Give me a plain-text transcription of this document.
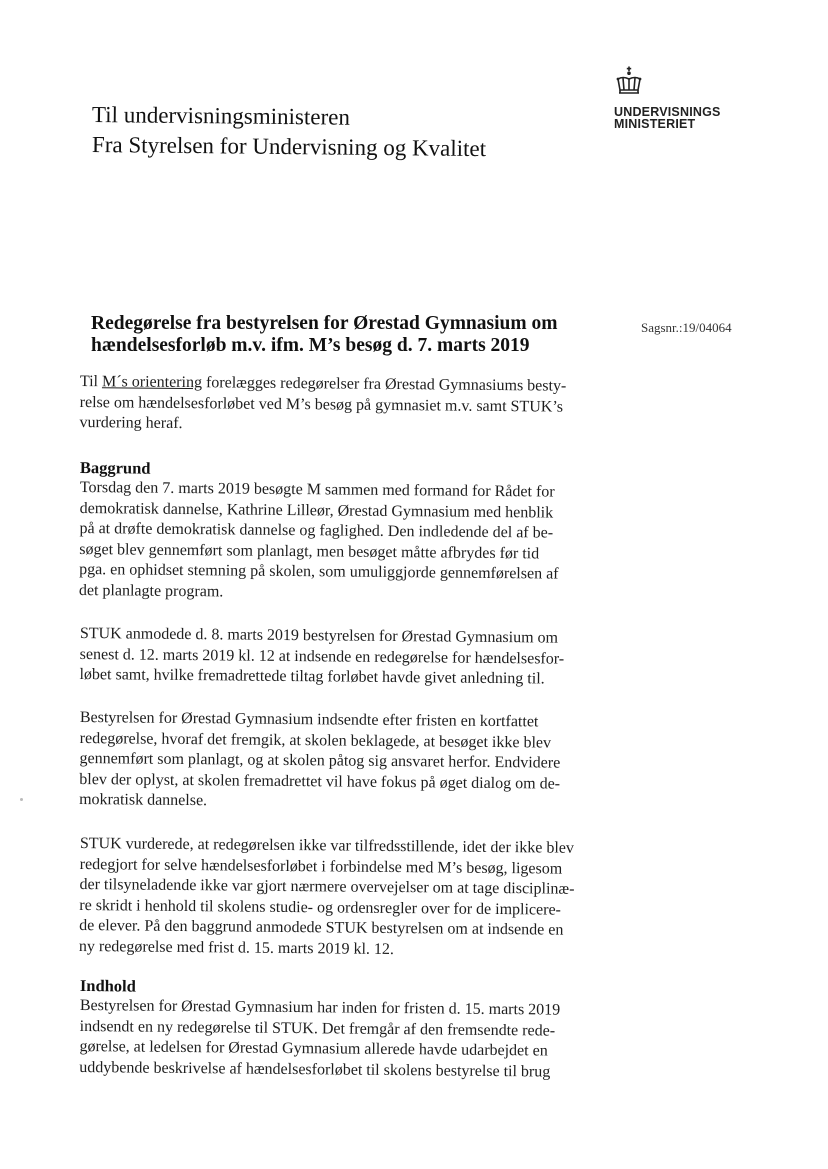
UNDERVISNINGS
MINISTERIET
Til undervisningsministeren
Fra Styrelsen for Undervisning og Kvalitet
Redegørelse fra bestyrelsen for Ørestad Gymnasium om
hændelsesforløb m.v. ifm. M’s besøg d. 7. marts 2019
Sagsnr.:19/04064

Til M´s orientering forelægges redegørelser fra Ørestad Gymnasiums besty-
relse om hændelsesforløbet ved M’s besøg på gymnasiet m.v. samt STUK’s
vurdering heraf.

Baggrund

Torsdag den 7. marts 2019 besøgte M sammen med formand for Rådet for
demokratisk dannelse, Kathrine Lilleør, Ørestad Gymnasium med henblik
på at drøfte demokratisk dannelse og faglighed. Den indledende del af be-
søget blev gennemført som planlagt, men besøget måtte afbrydes før tid
pga. en ophidset stemning på skolen, som umuliggjorde gennemførelsen af
det planlagte program.

STUK anmodede d. 8. marts 2019 bestyrelsen for Ørestad Gymnasium om
senest d. 12. marts 2019 kl. 12 at indsende en redegørelse for hændelsesfor-
løbet samt, hvilke fremadrettede tiltag forløbet havde givet anledning til.

Bestyrelsen for Ørestad Gymnasium indsendte efter fristen en kortfattet
redegørelse, hvoraf det fremgik, at skolen beklagede, at besøget ikke blev
gennemført som planlagt, og at skolen påtog sig ansvaret herfor. Endvidere
blev der oplyst, at skolen fremadrettet vil have fokus på øget dialog om de-
mokratisk dannelse.

STUK vurderede, at redegørelsen ikke var tilfredsstillende, idet der ikke blev
redegjort for selve hændelsesforløbet i forbindelse med M’s besøg, ligesom
der tilsyneladende ikke var gjort nærmere overvejelser om at tage disciplinæ-
re skridt i henhold til skolens studie- og ordensregler over for de implicere-
de elever. På den baggrund anmodede STUK bestyrelsen om at indsende en
ny redegørelse med frist d. 15. marts 2019 kl. 12.

Indhold

Bestyrelsen for Ørestad Gymnasium har inden for fristen d. 15. marts 2019
indsendt en ny redegørelse til STUK. Det fremgår af den fremsendte rede-
gørelse, at ledelsen for Ørestad Gymnasium allerede havde udarbejdet en
uddybende beskrivelse af hændelsesforløbet til skolens bestyrelse til brug
